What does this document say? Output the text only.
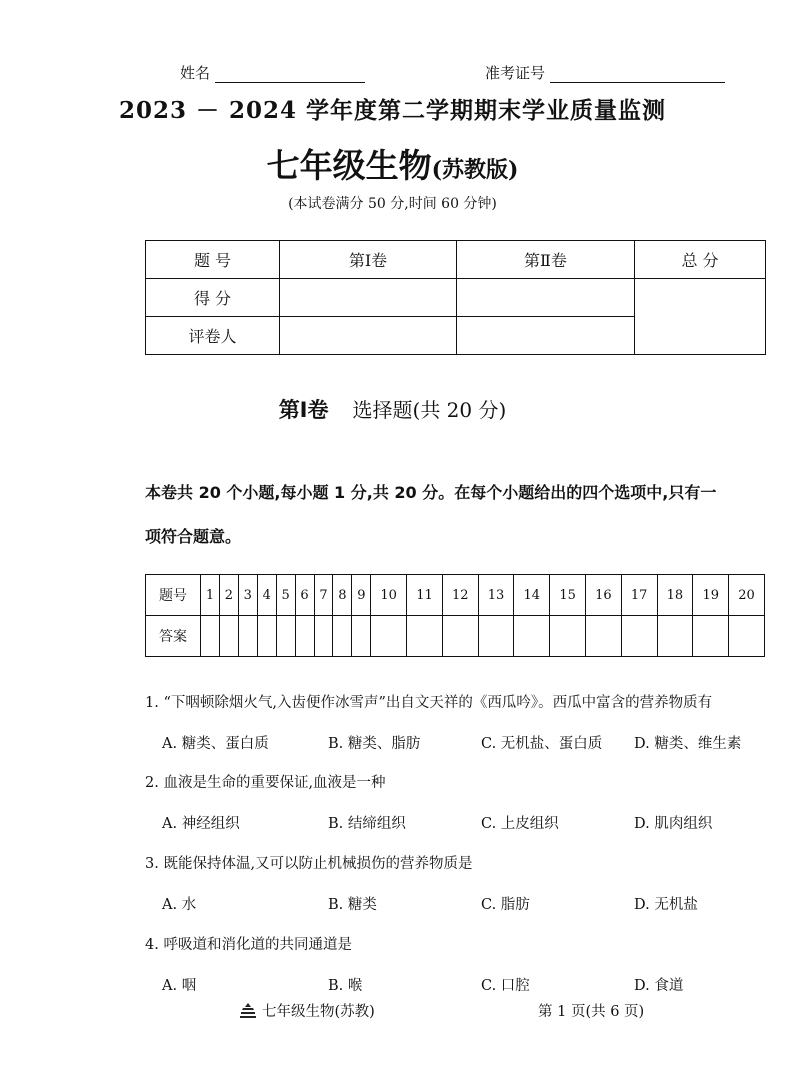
姓名	准考证号
2023 － 2024 学年度第二学期期末学业质量监测
七年级生物(苏教版)
(本试卷满分 50 分,时间 60 分钟)
题 号	第Ⅰ卷	第Ⅱ卷	总 分
得 分			
评卷人			
第Ⅰ卷 选择题(共 20 分)
本卷共 20 个小题,每小题 1 分,共 20 分。在每个小题给出的四个选项中,只有一
项符合题意。
题号	1	2	3	4	5	6	7	8	9	10	11	12	13	14	15	16	17	18	19	20
答案																				
1. “下咽顿除烟火气,入齿便作冰雪声”出自文天祥的《西瓜吟》。西瓜中富含的营养物质有
A. 糖类、蛋白质	B. 糖类、脂肪	C. 无机盐、蛋白质 D. 糖类、维生素
2. 血液是生命的重要保证,血液是一种
A. 神经组织	B. 结缔组织	C. 上皮组织	D. 肌肉组织
3. 既能保持体温,又可以防止机械损伤的营养物质是
A. 水	B. 糖类	C. 脂肪	D. 无机盐
4. 呼吸道和消化道的共同通道是
A. 咽	B. 喉	C. 口腔	D. 食道
七年级生物(苏教)	第 1 页(共 6 页)
